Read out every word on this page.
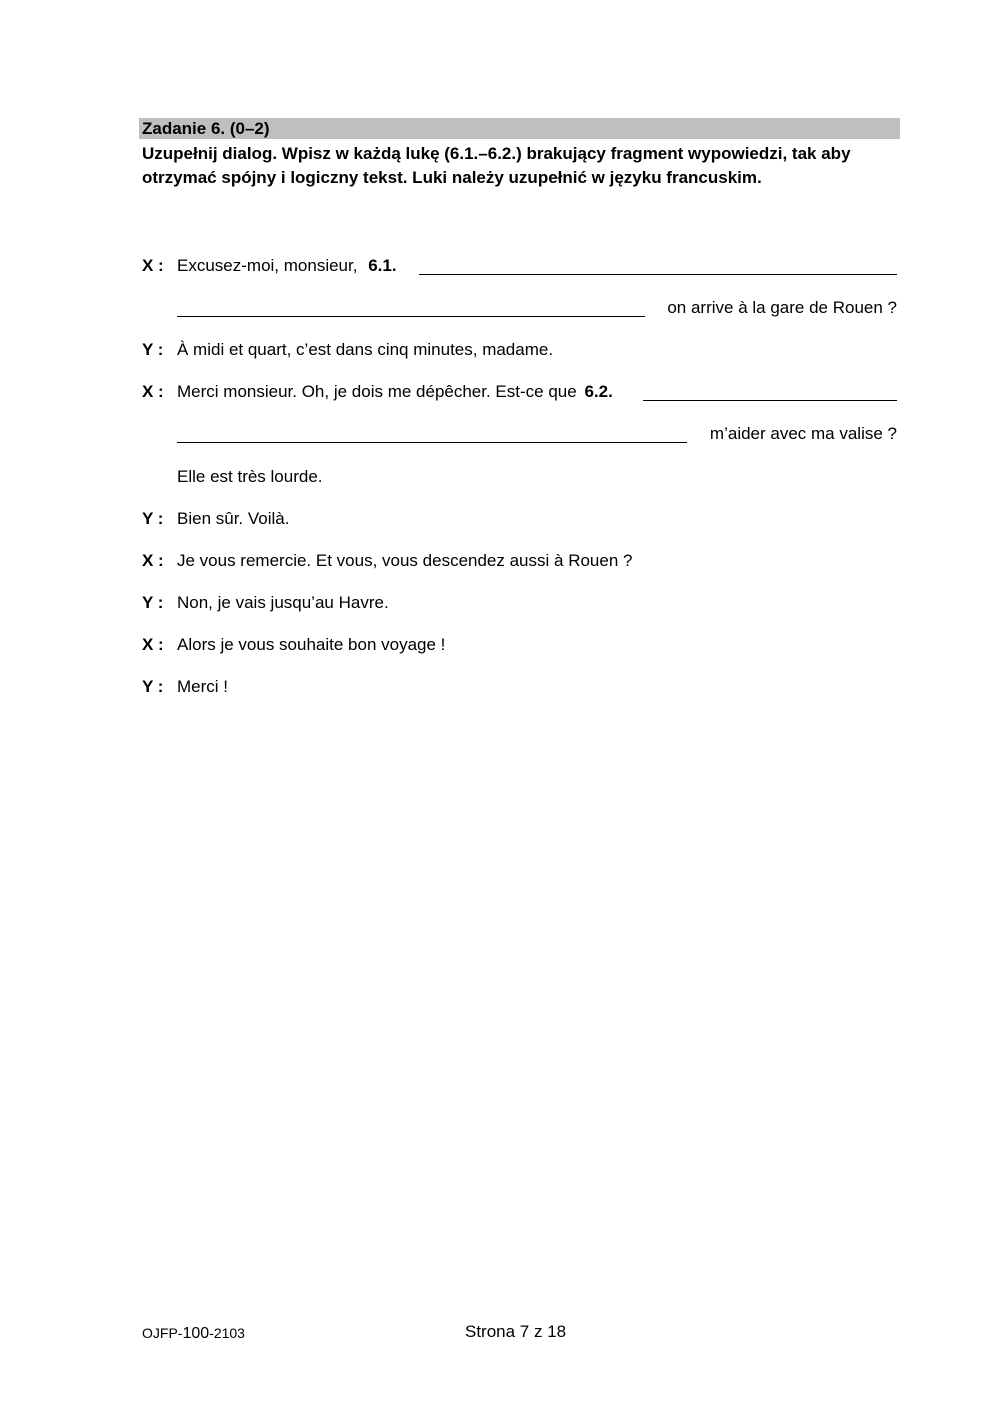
Zadanie 6. (0–2)
Uzupełnij dialog. Wpisz w każdą lukę (6.1.–6.2.) brakujący fragment wypowiedzi, tak aby otrzymać spójny i logiczny tekst. Luki należy uzupełnić w języku francuskim.
X : Excusez-moi, monsieur, 6.1.
on arrive à la gare de Rouen ?
Y : À midi et quart, c’est dans cinq minutes, madame.
X : Merci monsieur. Oh, je dois me dépêcher. Est-ce que 6.2.
m’aider avec ma valise ?
Elle est très lourde.
Y : Bien sûr. Voilà.
X : Je vous remercie. Et vous, vous descendez aussi à Rouen ?
Y : Non, je vais jusqu’au Havre.
X : Alors je vous souhaite bon voyage !
Y : Merci !
OJFP-100-2103	Strona 7 z 18
